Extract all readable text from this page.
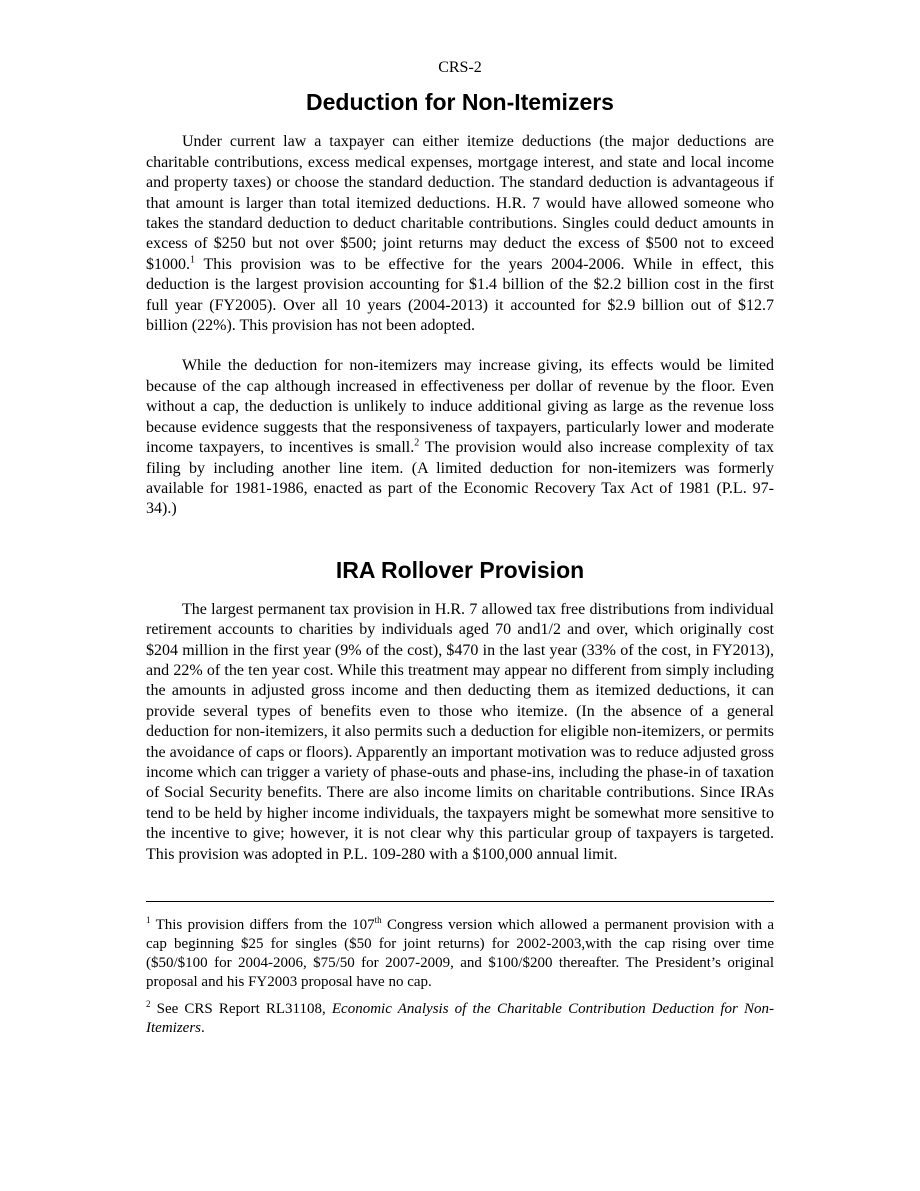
CRS-2
Deduction for Non-Itemizers

Under current law a taxpayer can either itemize deductions (the major deductions are charitable contributions, excess medical expenses, mortgage interest, and state and local income and property taxes) or choose the standard deduction. The standard deduction is advantageous if that amount is larger than total itemized deductions. H.R. 7 would have allowed someone who takes the standard deduction to deduct charitable contributions. Singles could deduct amounts in excess of $250 but not over $500; joint returns may deduct the excess of $500 not to exceed $1000.$^1$ This provision was to be effective for the years 2004-2006. While in effect, this deduction is the largest provision accounting for $1.4 billion of the $2.2 billion cost in the first full year (FY2005). Over all 10 years (2004-2013) it accounted for $2.9 billion out of $12.7 billion (22%). This provision has not been adopted.

While the deduction for non-itemizers may increase giving, its effects would be limited because of the cap although increased in effectiveness per dollar of revenue by the floor. Even without a cap, the deduction is unlikely to induce additional giving as large as the revenue loss because evidence suggests that the responsiveness of taxpayers, particularly lower and moderate income taxpayers, to incentives is small.$^2$ The provision would also increase complexity of tax filing by including another line item. (A limited deduction for non-itemizers was formerly available for 1981-1986, enacted as part of the Economic Recovery Tax Act of 1981 (P.L. 97-34).)

IRA Rollover Provision

The largest permanent tax provision in H.R. 7 allowed tax free distributions from individual retirement accounts to charities by individuals aged 70 and1/2 and over, which originally cost $204 million in the first year (9% of the cost), $470 in the last year (33% of the cost, in FY2013), and 22% of the ten year cost. While this treatment may appear no different from simply including the amounts in adjusted gross income and then deducting them as itemized deductions, it can provide several types of benefits even to those who itemize. (In the absence of a general deduction for non-itemizers, it also permits such a deduction for eligible non-itemizers, or permits the avoidance of caps or floors). Apparently an important motivation was to reduce adjusted gross income which can trigger a variety of phase-outs and phase-ins, including the phase-in of taxation of Social Security benefits. There are also income limits on charitable contributions. Since IRAs tend to be held by higher income individuals, the taxpayers might be somewhat more sensitive to the incentive to give; however, it is not clear why this particular group of taxpayers is targeted. This provision was adopted in P.L. 109-280 with a $100,000 annual limit.

$^1$ This provision differs from the 107th Congress version which allowed a permanent provision with a cap beginning $25 for singles ($50 for joint returns) for 2002-2003,with the cap rising over time ($50/$100 for 2004-2006, $75/50 for 2007-2009, and $100/$200 thereafter. The President’s original proposal and his FY2003 proposal have no cap.

$^2$ See CRS Report RL31108, Economic Analysis of the Charitable Contribution Deduction for Non-Itemizers.
